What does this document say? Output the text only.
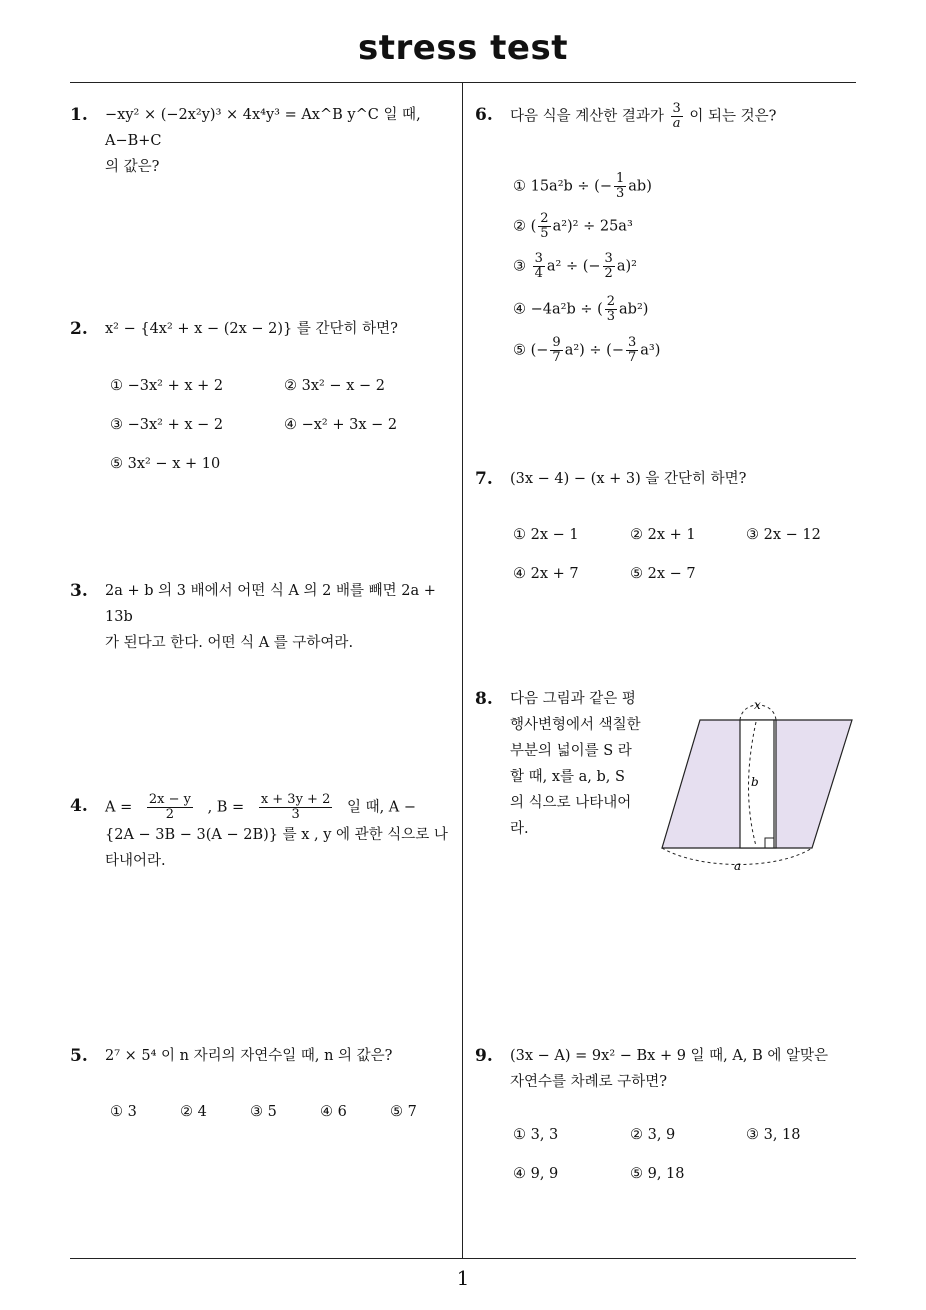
stress test
1
1. −xy² × (−2x²y)³ × 4x⁴y³ = Ax^B y^C 일 때, A−B+C
의 값은?
2. x² − {4x² + x − (2x − 2)} 를 간단히 하면?
① −3x² + x + 2	② 3x² − x − 2
③ −3x² + x − 2	④ −x² + 3x − 2
⑤ 3x² − x + 10
3. 2a + b 의 3 배에서 어떤 식 A 의 2 배를 빼면 2a + 13b
가 된다고 한다. 어떤 식 A 를 구하여라.
4. $A = \frac{2x - y}{2}$ , $B = \frac{x + 3y + 2}{3}$ 일 때, A −
{2A − 3B − 3(A − 2B)} 를 x , y 에 관한 식으로 나
타내어라.
5. 2⁷ × 5⁴ 이 n 자리의 자연수일 때, n 의 값은?
① 3	② 4	③ 5	④ 6	⑤ 7
6. 다음 식을 계산한 결과가 $\frac{3}{a}$ 이 되는 것은?
① 15a²b ÷ (− $\frac{1}{3} ab$)
② ( $\frac{2}{5} a^2)^2 \div 25a^3$
③ $\frac{3}{4} a^2$ ÷ (− $\frac{3}{2} a)^2$
④ −4a²b ÷ ( $\frac{2}{3} ab^2$)
⑤ (− $\frac{9}{7} a^2$) ÷ (− $\frac{3}{7} a^3$)
7. (3x − 4) − (x + 3) 을 간단히 하면?
① 2x − 1	② 2x + 1	③ 2x − 12
④ 2x + 7	⑤ 2x − 7
8. 다음 그림과 같은 평
행사변형에서 색칠한
부분의 넓이를 S 라
할 때, x를 a, b, S
의 식으로 나타내어
라.
x
b
a
9. (3x − A) = 9x² − Bx + 9 일 때, A, B 에 알맞은
자연수를 차례로 구하면?
① 3, 3	② 3, 9	③ 3, 18
④ 9, 9	⑤ 9, 18
